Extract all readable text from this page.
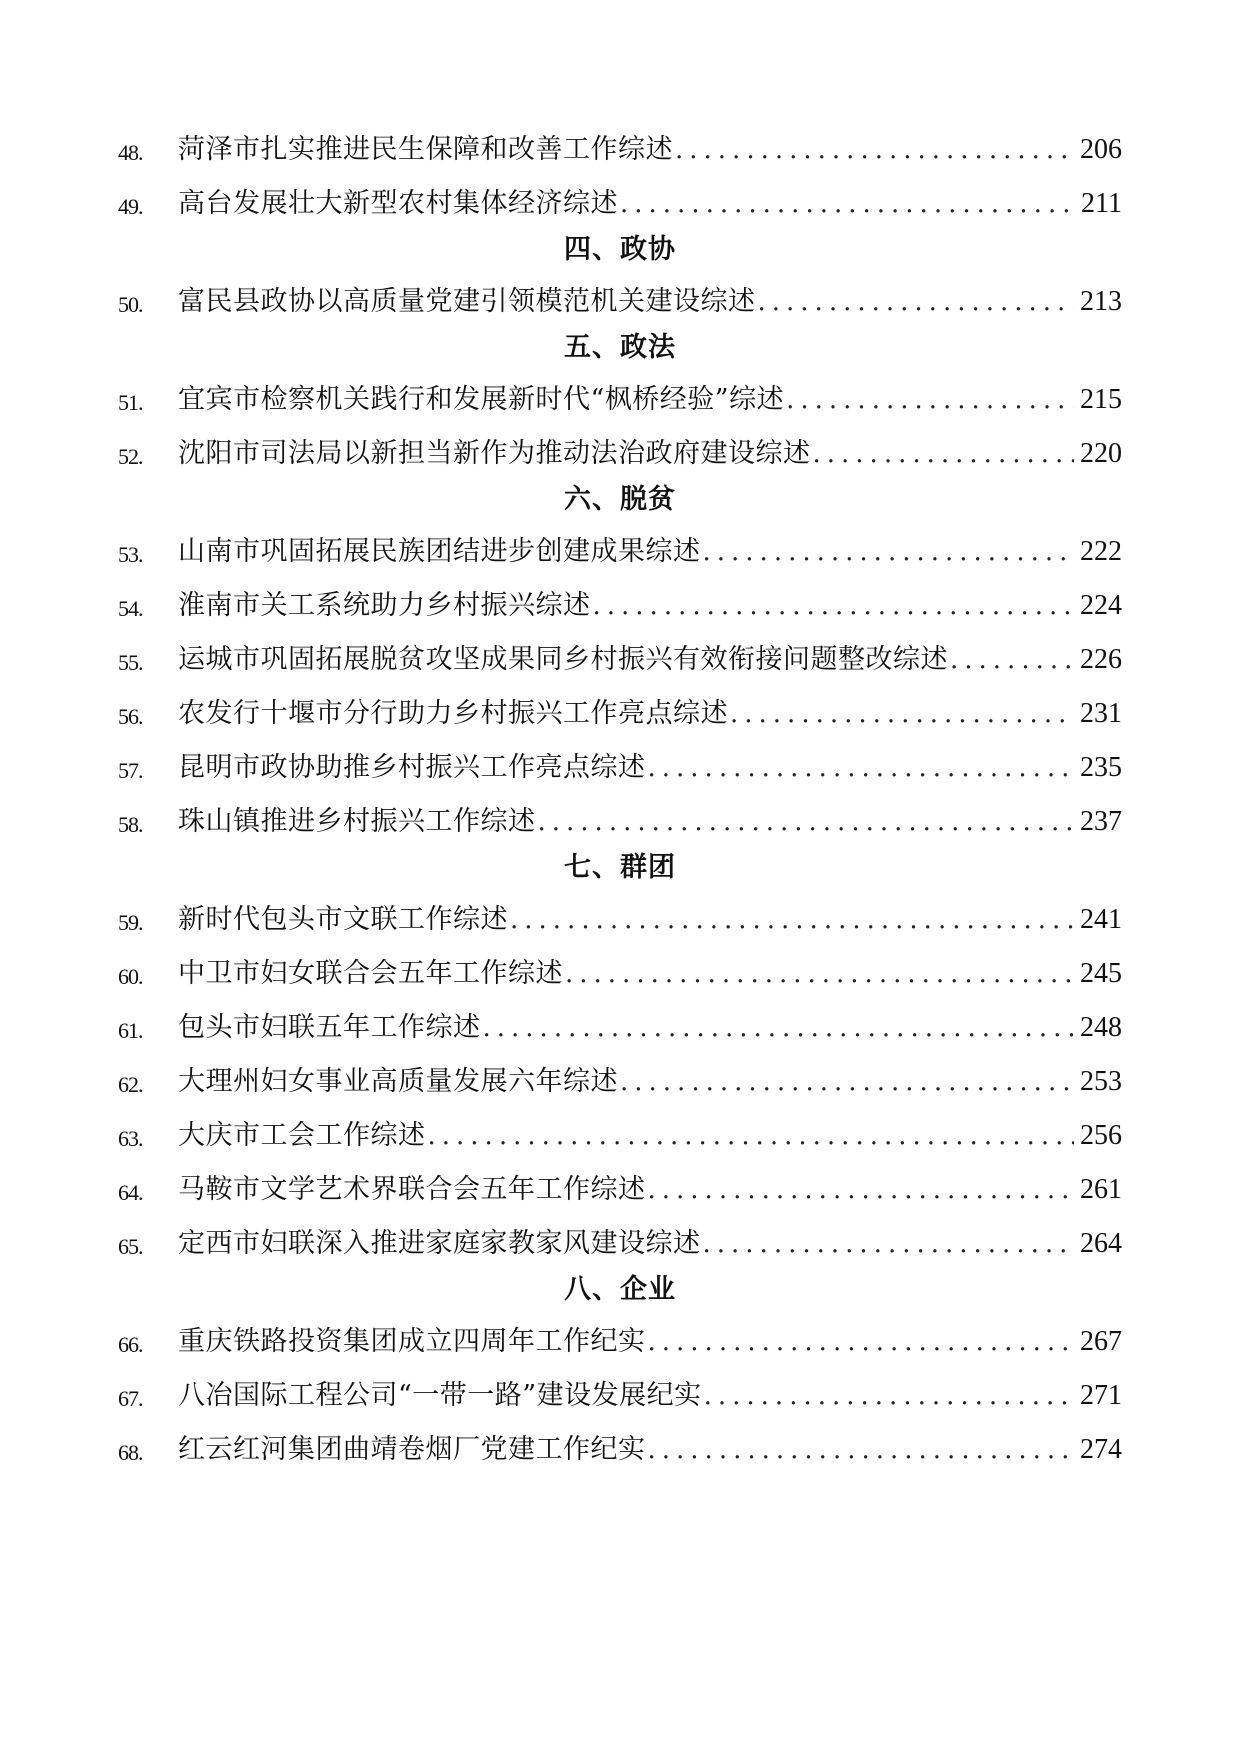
48. 菏泽市扎实推进民生保障和改善工作综述 .....	206
49. 高台发展壮大新型农村集体经济综述 .....	211
四、政协
50. 富民县政协以高质量党建引领模范机关建设综述 .....	213
五、政法
51. 宜宾市检察机关践行和发展新时代“枫桥经验”综述 .....	215
52. 沈阳市司法局以新担当新作为推动法治政府建设综述 .....	220
六、脱贫
53. 山南市巩固拓展民族团结进步创建成果综述 .....	222
54. 淮南市关工系统助力乡村振兴综述 .....	224
55. 运城市巩固拓展脱贫攻坚成果同乡村振兴有效衔接问题整改综述 .....	226
56. 农发行十堰市分行助力乡村振兴工作亮点综述 .....	231
57. 昆明市政协助推乡村振兴工作亮点综述 .....	235
58. 珠山镇推进乡村振兴工作综述 .....	237
七、群团
59. 新时代包头市文联工作综述 .....	241
60. 中卫市妇女联合会五年工作综述 .....	245
61. 包头市妇联五年工作综述 .....	248
62. 大理州妇女事业高质量发展六年综述 .....	253
63. 大庆市工会工作综述 .....	256
64. 马鞍市文学艺术界联合会五年工作综述 .....	261
65. 定西市妇联深入推进家庭家教家风建设综述 .....	264
八、企业
66. 重庆铁路投资集团成立四周年工作纪实 .....	267
67. 八冶国际工程公司“一带一路”建设发展纪实 .....	271
68. 红云红河集团曲靖卷烟厂党建工作纪实 .....	274
